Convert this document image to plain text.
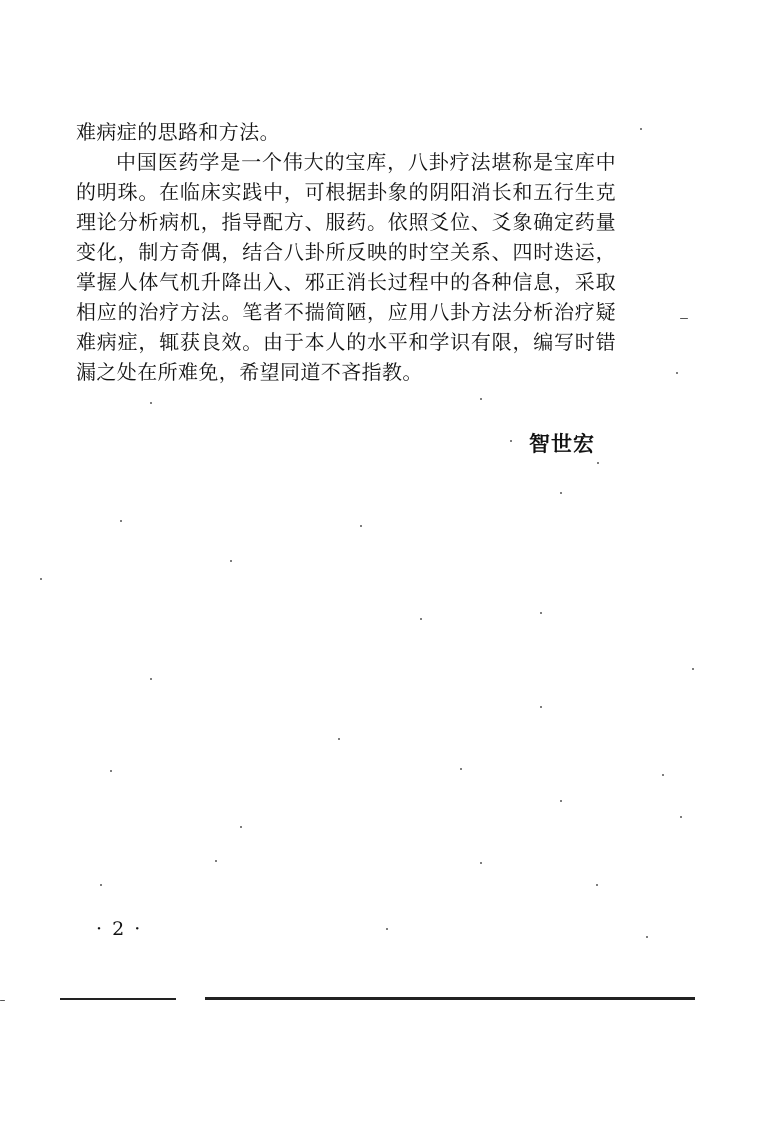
难病症的思路和方法。

中国医药学是一个伟大的宝库，八卦疗法堪称是宝库中的明珠。在临床实践中，可根据卦象的阴阳消长和五行生克理论分析病机，指导配方、服药。依照爻位、爻象确定药量变化，制方奇偶，结合八卦所反映的时空关系、四时迭运，掌握人体气机升降出入、邪正消长过程中的各种信息，采取相应的治疗方法。笔者不揣简陋，应用八卦方法分析治疗疑难病症，辄获良效。由于本人的水平和学识有限，编写时错漏之处在所难免，希望同道不吝指教。

智世宏
· 2 ·
